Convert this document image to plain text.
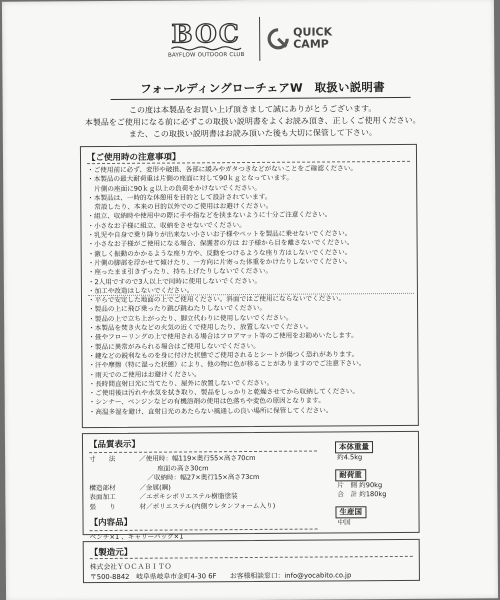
BOC
BAYFLOW OUTDOOR CLUB
QUICK
CAMP
フォールディングローチェアW　取扱い説明書
この度は本製品をお買い上げ頂きまして誠にありがとうございます。
本製品をご使用になる前に必ずこの取扱い説明書をよくお読み頂き、正しくご使用ください。
また、この取扱い説明書はお読み頂いた後も大切に保管して下さい。
【ご使用時の注意事項】
・ご使用前に必ず、変形や破損、各部に緩みやガタつきなどがないことをご確認ください。
・本製品の最大耐荷重は片側の座面に対して90ｋｇとなっています。
片側の座面に90ｋｇ以上の負荷をかけないでください。
・本製品は、一時的な休憩用を目的として設計されています。
常設したり、本来の目的以外でのご使用はお避けください。
・組立、収納時や使用中の際に手や指などを挟まないように十分ご注意ください。
・小さなお子様に組立、収納をさせないでください。
・乳児や自身で乗り降りが出来ない小さいお子様やペットを製品に乗せないでください。
・小さなお子様がご使用になる場合、保護者の方は お子様から目を離さないでください。
・激しく振動のかかるような座り方や、反動をつけるような座り方はしないでください。
・片側の脚部を浮かせて傾けたり、一方向に片寄った体重をかけたりしないでください。
・座ったまま引きずったり、持ち上げたりしないでください。
・2人用ですので3人以上で同時に使用しないでください。
・加工や改造はしないでください。
・平らで安定した地面の上でご使用ください。斜面ではご使用にならないでください。
・製品の上に飛び乗ったり跳び跳ねたりしないでください。
・製品の上で立ち上がったり、脚立代わりに使用しないでください。
・本製品を焚き火などの火気の近くで使用したり、放置しないでください。
・畳やフローリングの上で使用される場合はフロアマット等のご使用をお勧めいたします。
・製品に異常がみられる場合はご使用しないでください。
・鍵などの鋭利なものを身に付けた状態でご使用されるとシートが傷つく恐れがあります。
・汗や摩擦（特に湿った状態）により、他の物に色が移ることがありますのでご注意下さい。
・雨天でのご使用はお避けください。
・長時間直射日光に当てたり、屋外に放置しないでください。
・ご使用後は汚れや水気を拭き取り、製品をしっかりと乾燥させてから収納してください。
・シンナー、ベンジンなどの有機溶剤の使用は色落ちや変色の原因となります。
・高温多湿を避け、直射日光のあたらない風通しの良い場所に保管してください。
【品質表示】
寸　　法	／使用時：幅119×奥行55×高さ70cm
座面の高さ30cm
／収納時：幅27×奥行15×高さ73cm
構造部材	／金属(鋼)
表面加工	／エポキシポリエステル樹脂塗装
張　　り	材／ポリエステル(内側ウレタンフォーム入り)
【内容品】
ベンチ×1 、キャリーバッグ×1
本体重量
約4.5kg
耐荷重
片　側 約90kg
合　計 約180kg
生産国
中国
【製造元】
株式会社ＹＯＣＡＢＩＴＯ
〒500-8842　岐阜県岐阜市金町4-30 6F　　お客様相談窓口：info@yocabito.co.jp
